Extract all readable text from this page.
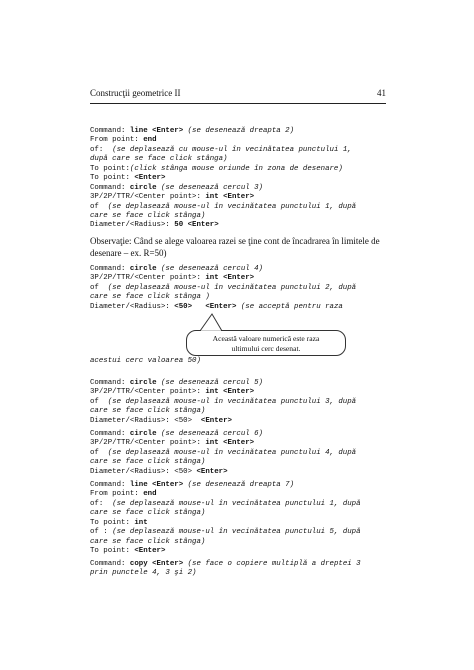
Construcţii geometrice II	41
Command: line <Enter> (se desenează dreapta 2)
From point: end
of:  (se deplasează cu mouse-ul în vecinătatea punctului 1,
după care se face click stânga)
To point:(click stânga mouse oriunde în zona de desenare)
To point: <Enter>
Command: circle (se desenează cercul 3)
3P/2P/TTR/<Center point>: int <Enter>
of  (se deplasează mouse-ul în vecinătatea punctului 1, după
care se face click stânga)
Diameter/<Radius>: 50 <Enter>
Observaţie: Când se alege valoarea razei se ţine cont de încadrarea în limitele de desenare – ex. R=50)
Command: circle (se desenează cercul 4)
3P/2P/TTR/<Center point>: int <Enter>
of  (se deplasează mouse-ul în vecinătatea punctului 2, după
care se face click stânga )
Diameter/<Radius>: <50> <Enter> (se acceptă pentru raza
Această valoare numerică este raza
ultimului cerc desenat.
acestui cerc valoarea 50)
Command: circle (se desenează cercul 5)
3P/2P/TTR/<Center point>: int <Enter>
of  (se deplasează mouse-ul în vecinătatea punctului 3, după
care se face click stânga)
Diameter/<Radius>: <50>  <Enter>
Command: circle (se desenează cercul 6)
3P/2P/TTR/<Center point>: int <Enter>
of  (se deplasează mouse-ul în vecinătatea punctului 4, după
care se face click stânga)
Diameter/<Radius>: <50> <Enter>
Command: line <Enter> (se desenează dreapta 7)
From point: end
of:  (se deplasează mouse-ul în vecinătatea punctului 1, după
care se face click stânga)
To point: int
of : (se deplasează mouse-ul în vecinătatea punctului 5, după
care se face click stânga)
To point: <Enter>
Command: copy <Enter> (se face o copiere multiplă a dreptei 3
prin punctele 4, 3 şi 2)
